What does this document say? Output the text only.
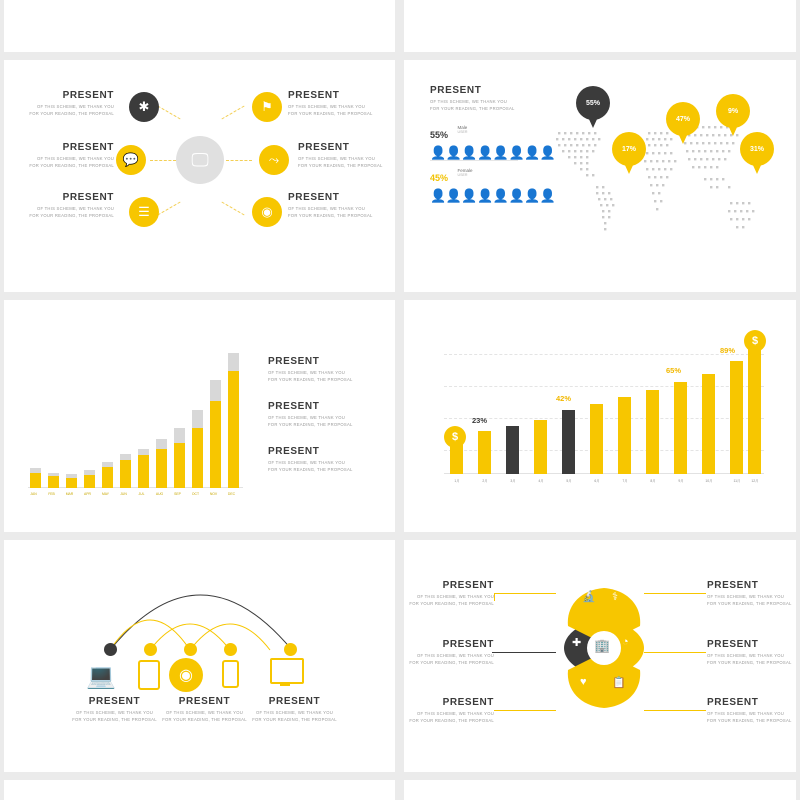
🖵
✱	⚑
💬	⤳
☰	◉
PRESENT
OF THIS SCHEME, WE THANK YOU
FOR YOUR READING, THE PROPOSAL
PRESENT
OF THIS SCHEME, WE THANK YOU
FOR YOUR READING, THE PROPOSAL
PRESENT
OF THIS SCHEME, WE THANK YOU
FOR YOUR READING, THE PROPOSAL
PRESENT
OF THIS SCHEME, WE THANK YOU
FOR YOUR READING, THE PROPOSAL
PRESENT
OF THIS SCHEME, WE THANK YOU
FOR YOUR READING, THE PROPOSAL
PRESENT
OF THIS SCHEME, WE THANK YOU
FOR YOUR READING, THE PROPOSAL
PRESENT
OF THIS SCHEME, WE THANK YOU
FOR YOUR READING, THE PROPOSAL
55%
Male
USER
👤👤👤👤👤👤👤👤
45%
Female
USER
👤👤👤👤👤👤👤👤
55%
17%
47%
9%
31%
JAN	FEB	MAR	APR	MAY	JUN	JUL	AUG	SEP	OCT	NOV	DEC
PRESENT
OF THIS SCHEME, WE THANK YOU
FOR YOUR READING, THE PROPOSAL
PRESENT
OF THIS SCHEME, WE THANK YOU
FOR YOUR READING, THE PROPOSAL
PRESENT
OF THIS SCHEME, WE THANK YOU
FOR YOUR READING, THE PROPOSAL
$
$
23%
42%
65%
89%
1月	2月	3月	4月	5月	6月	7月	8月	9月	10月	11月	12月
💻	◉
PRESENT
OF THIS SCHEME, WE THANK YOU
FOR YOUR READING, THE PROPOSAL
PRESENT
OF THIS SCHEME, WE THANK YOU
FOR YOUR READING, THE PROPOSAL
PRESENT
OF THIS SCHEME, WE THANK YOU
FOR YOUR READING, THE PROPOSAL
🔬 ⚕
◔
📋
♥
✚ 🏢
PRESENT
OF THIS SCHEME, WE THANK YOU
FOR YOUR READING, THE PROPOSAL
PRESENT
OF THIS SCHEME, WE THANK YOU
FOR YOUR READING, THE PROPOSAL
PRESENT
OF THIS SCHEME, WE THANK YOU
FOR YOUR READING, THE PROPOSAL
PRESENT
OF THIS SCHEME, WE THANK YOU
FOR YOUR READING, THE PROPOSAL
PRESENT
OF THIS SCHEME, WE THANK YOU
FOR YOUR READING, THE PROPOSAL
PRESENT
OF THIS SCHEME, WE THANK YOU
FOR YOUR READING, THE PROPOSAL
